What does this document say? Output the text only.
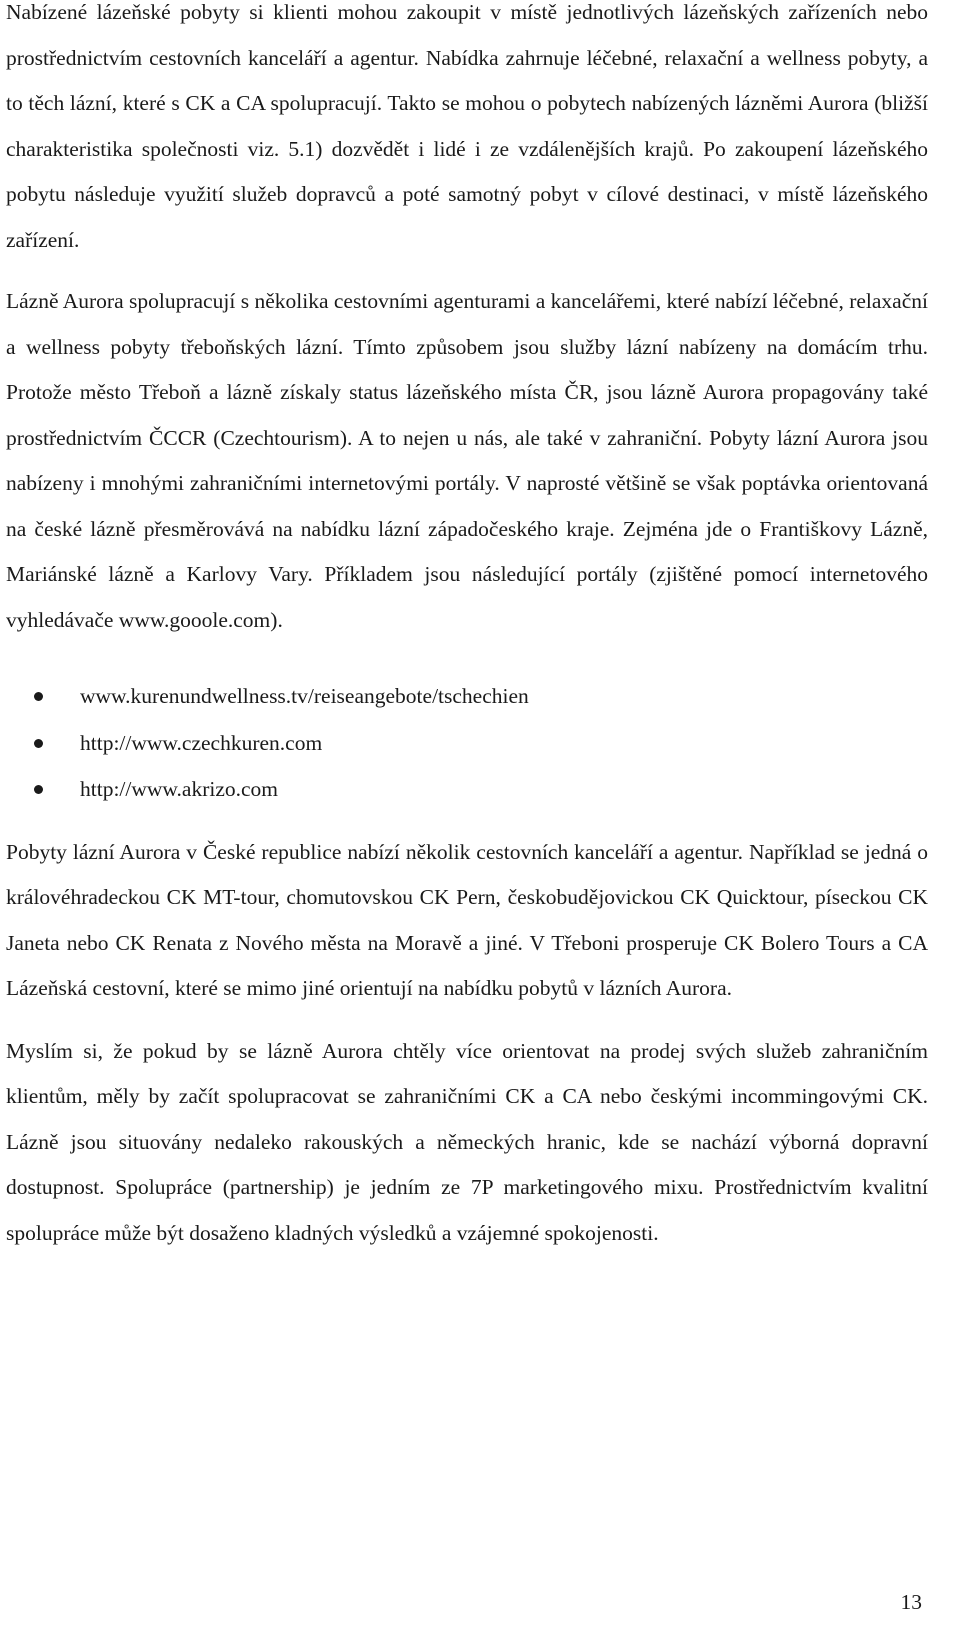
Nabízené lázeňské pobyty si klienti mohou zakoupit v místě jednotlivých lázeňských zařízeních nebo prostřednictvím cestovních kanceláří a agentur. Nabídka zahrnuje léčebné, relaxační a wellness pobyty, a to těch lázní, které s CK a CA spolupracují. Takto se mohou o pobytech nabízených lázněmi Aurora (bližší charakteristika společnosti viz. 5.1) dozvědět i lidé i ze vzdálenějších krajů. Po zakoupení lázeňského pobytu následuje využití služeb dopravců a poté samotný pobyt v cílové destinaci, v místě lázeňského zařízení.

Lázně Aurora spolupracují s několika cestovními agenturami a kancelářemi, které nabízí léčebné, relaxační a wellness pobyty třeboňských lázní. Tímto způsobem jsou služby lázní nabízeny na domácím trhu. Protože město Třeboň a lázně získaly status lázeňského místa ČR, jsou lázně Aurora propagovány také prostřednictvím ČCCR (Czechtourism). A to nejen u nás, ale také v zahraniční. Pobyty lázní Aurora jsou nabízeny i mnohými zahraničními internetovými portály. V naprosté většině se však poptávka orientovaná na české lázně přesměrovává na nabídku lázní západočeského kraje. Zejména jde o Františkovy Lázně, Mariánské lázně a Karlovy Vary. Příkladem jsou následující portály (zjištěné pomocí internetového vyhledávače www.gooole.com).

www.kurenundwellness.tv/reiseangebote/tschechien
http://www.czechkuren.com
http://www.akrizo.com

Pobyty lázní Aurora v České republice nabízí několik cestovních kanceláří a agentur. Například se jedná o královéhradeckou CK MT-tour, chomutovskou CK Pern, českobudějovickou CK Quicktour, píseckou CK Janeta nebo CK Renata z Nového města na Moravě a jiné. V Třeboni prosperuje CK Bolero Tours a CA Lázeňská cestovní, které se mimo jiné orientují na nabídku pobytů v lázních Aurora.

Myslím si, že pokud by se lázně Aurora chtěly více orientovat na prodej svých služeb zahraničním klientům, měly by začít spolupracovat se zahraničními CK a CA nebo českými incommingovými CK. Lázně jsou situovány nedaleko rakouských a německých hranic, kde se nachází výborná dopravní dostupnost. Spolupráce (partnership) je jedním ze 7P marketingového mixu. Prostřednictvím kvalitní spolupráce může být dosaženo kladných výsledků a vzájemné spokojenosti.

13
